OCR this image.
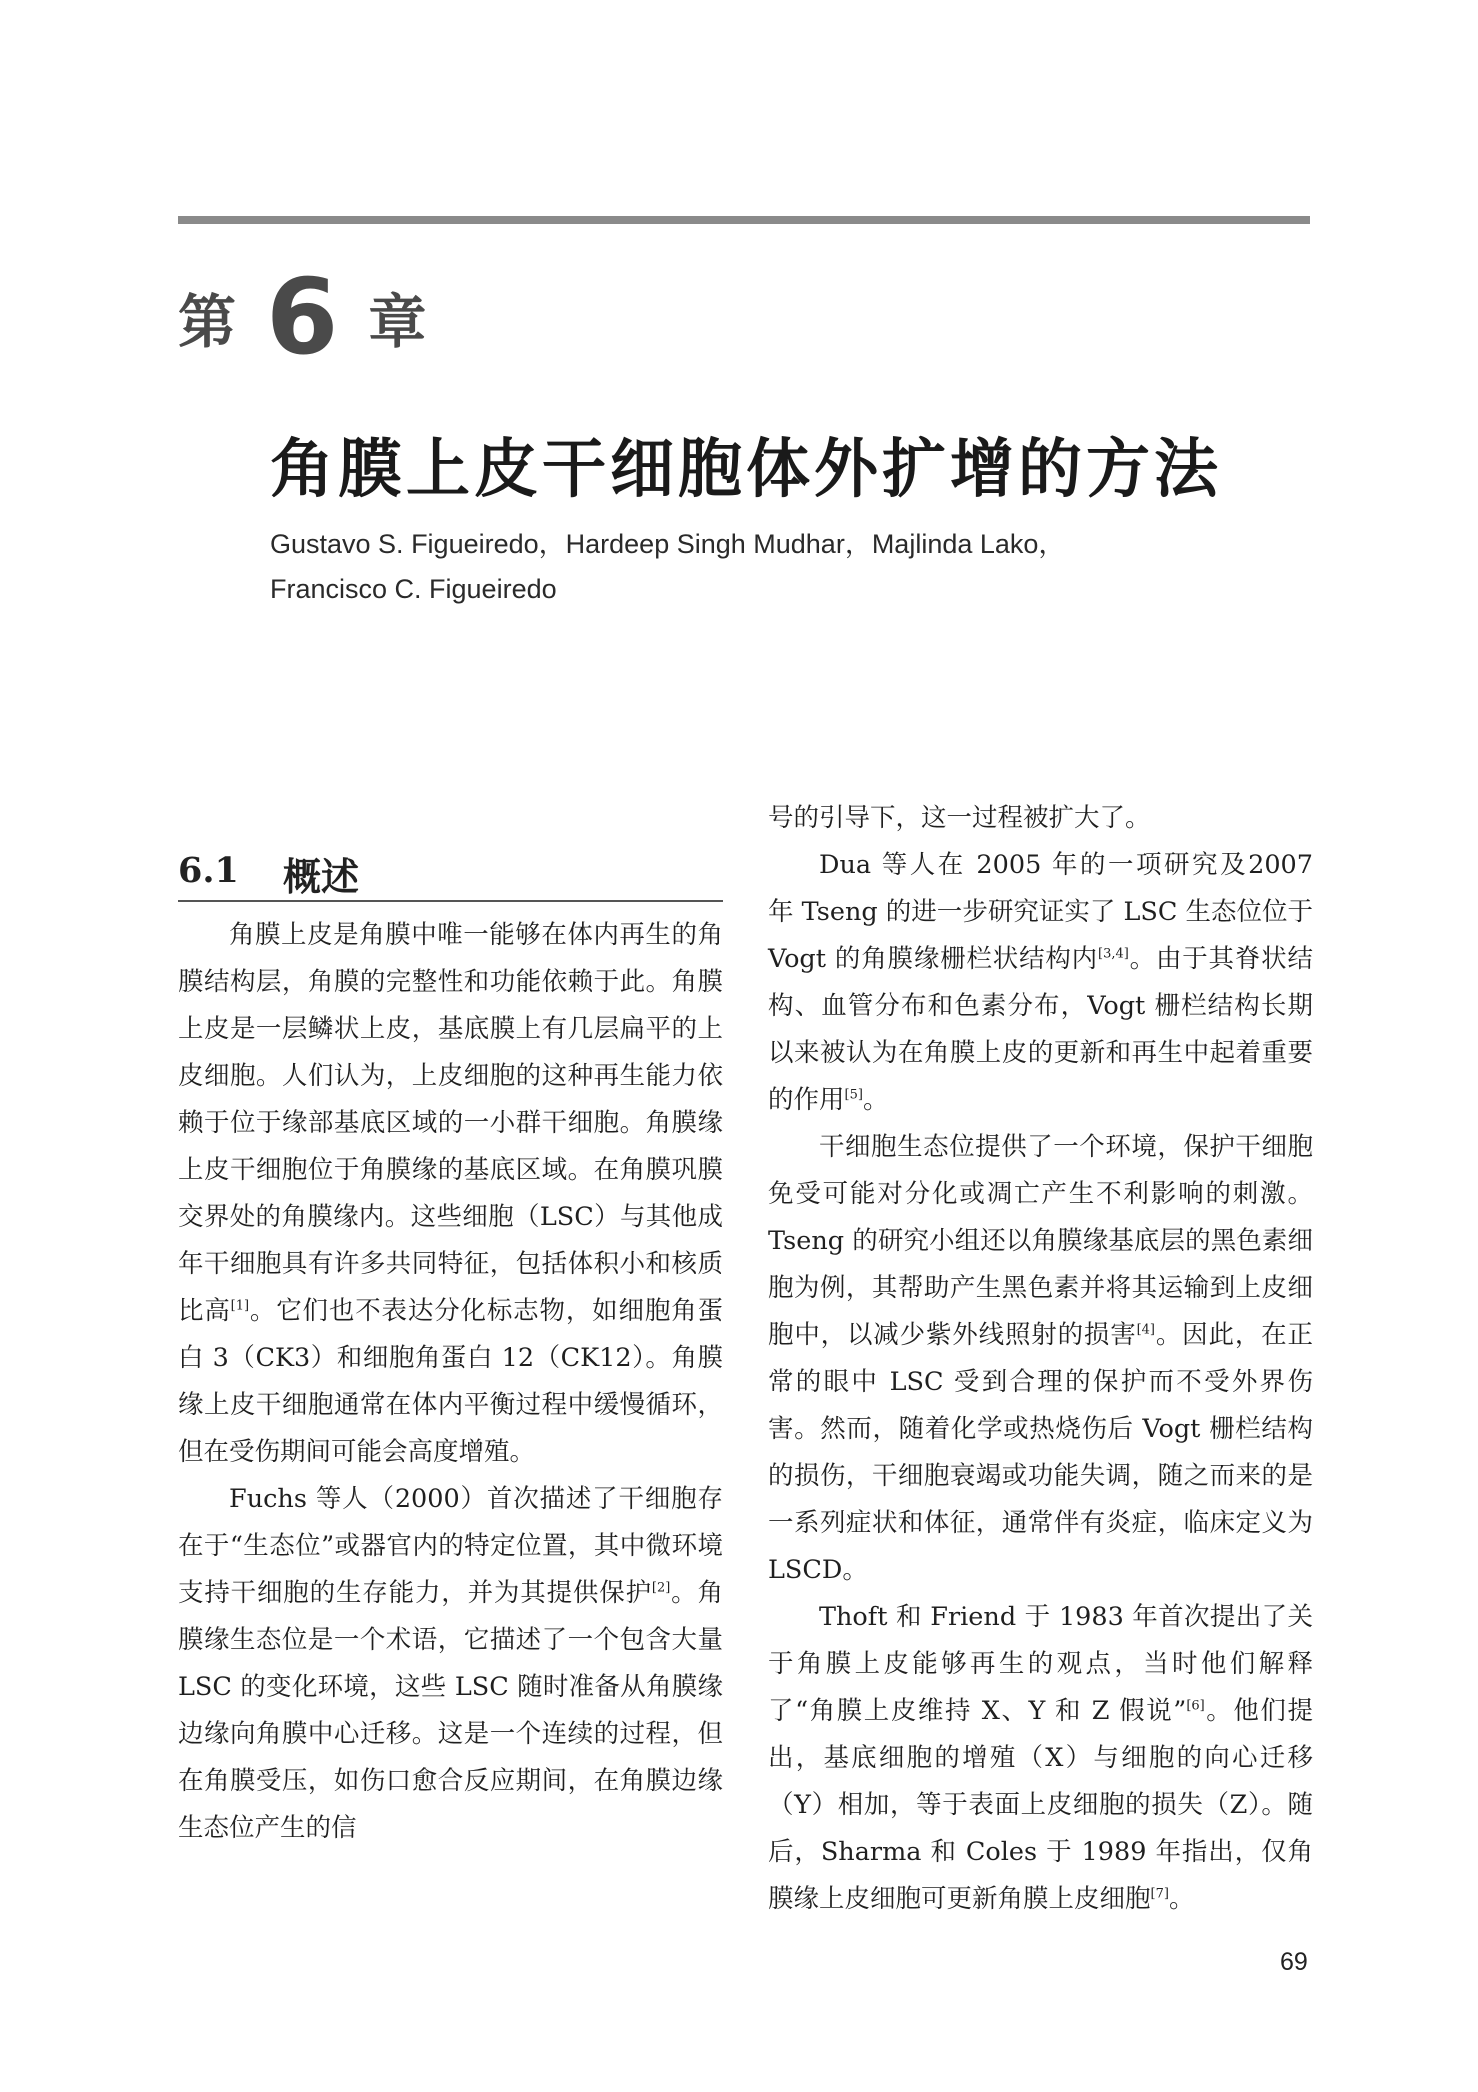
第 6 章
角膜上皮干细胞体外扩增的方法
Gustavo S. Figueiredo，Hardeep Singh Mudhar，Majlinda Lako，
Francisco C. Figueiredo
6.1 概述

角膜上皮是角膜中唯一能够在体内再生的角膜结构层，角膜的完整性和功能依赖于此。角膜上皮是一层鳞状上皮，基底膜上有几层扁平的上皮细胞。人们认为，上皮细胞的这种再生能力依赖于位于缘部基底区域的一小群干细胞。角膜缘上皮干细胞位于角膜缘的基底区域。在角膜巩膜交界处的角膜缘内。这些细胞（LSC）与其他成年干细胞具有许多共同特征，包括体积小和核质比高[1]。它们也不表达分化标志物，如细胞角蛋白 3（CK3）和细胞角蛋白 12（CK12）。角膜缘上皮干细胞通常在体内平衡过程中缓慢循环，但在受伤期间可能会高度增殖。

Fuchs 等人（2000）首次描述了干细胞存在于“生态位”或器官内的特定位置，其中微环境支持干细胞的生存能力，并为其提供保护[2]。角膜缘生态位是一个术语，它描述了一个包含大量 LSC 的变化环境，这些 LSC 随时准备从角膜缘边缘向角膜中心迁移。这是一个连续的过程，但在角膜受压，如伤口愈合反应期间，在角膜边缘生态位产生的信

号的引导下，这一过程被扩大了。

Dua 等人在 2005 年的一项研究及2007 年 Tseng 的进一步研究证实了 LSC 生态位位于 Vogt 的角膜缘栅栏状结构内[3,4]。由于其脊状结构、血管分布和色素分布，Vogt 栅栏结构长期以来被认为在角膜上皮的更新和再生中起着重要的作用[5]。

干细胞生态位提供了一个环境，保护干细胞免受可能对分化或凋亡产生不利影响的刺激。Tseng 的研究小组还以角膜缘基底层的黑色素细胞为例，其帮助产生黑色素并将其运输到上皮细胞中，以减少紫外线照射的损害[4]。因此，在正常的眼中 LSC 受到合理的保护而不受外界伤害。然而，随着化学或热烧伤后 Vogt 栅栏结构的损伤，干细胞衰竭或功能失调，随之而来的是一系列症状和体征，通常伴有炎症，临床定义为 LSCD。

Thoft 和 Friend 于 1983 年首次提出了关于角膜上皮能够再生的观点，当时他们解释了“角膜上皮维持 X、Y 和 Z 假说”[6]。他们提出，基底细胞的增殖（X）与细胞的向心迁移（Y）相加，等于表面上皮细胞的损失（Z）。随后，Sharma 和 Coles 于 1989 年指出，仅角膜缘上皮细胞可更新角膜上皮细胞[7]。

69
